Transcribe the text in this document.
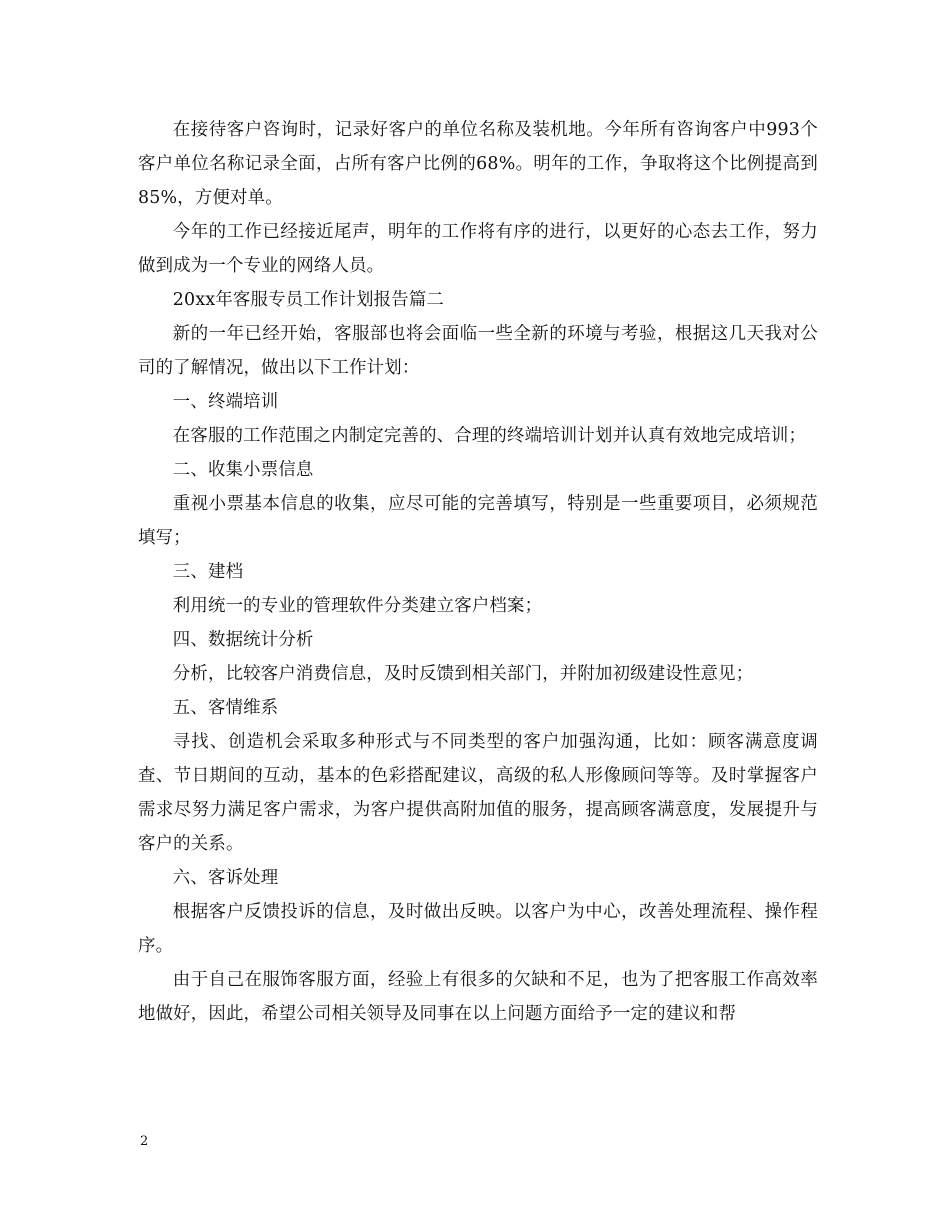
在接待客户咨询时，记录好客户的单位名称及装机地。今年所有咨询客户中993个客户单位名称记录全面，占所有客户比例的68%。明年的工作，争取将这个比例提高到85%，方便对单。

今年的工作已经接近尾声，明年的工作将有序的进行，以更好的心态去工作，努力做到成为一个专业的网络人员。

20xx年客服专员工作计划报告篇二

新的一年已经开始，客服部也将会面临一些全新的环境与考验，根据这几天我对公司的了解情况，做出以下工作计划：

一、终端培训

在客服的工作范围之内制定完善的、合理的终端培训计划并认真有效地完成培训；

二、收集小票信息

重视小票基本信息的收集，应尽可能的完善填写，特别是一些重要项目，必须规范填写；

三、建档

利用统一的专业的管理软件分类建立客户档案；

四、数据统计分析

分析，比较客户消费信息，及时反馈到相关部门，并附加初级建设性意见；

五、客情维系

寻找、创造机会采取多种形式与不同类型的客户加强沟通，比如：顾客满意度调查、节日期间的互动，基本的色彩搭配建议，高级的私人形像顾问等等。及时掌握客户需求尽努力满足客户需求，为客户提供高附加值的服务，提高顾客满意度，发展提升与客户的关系。

六、客诉处理

根据客户反馈投诉的信息，及时做出反映。以客户为中心，改善处理流程、操作程序。

由于自己在服饰客服方面，经验上有很多的欠缺和不足，也为了把客服工作高效率地做好，因此，希望公司相关领导及同事在以上问题方面给予一定的建议和帮

2
